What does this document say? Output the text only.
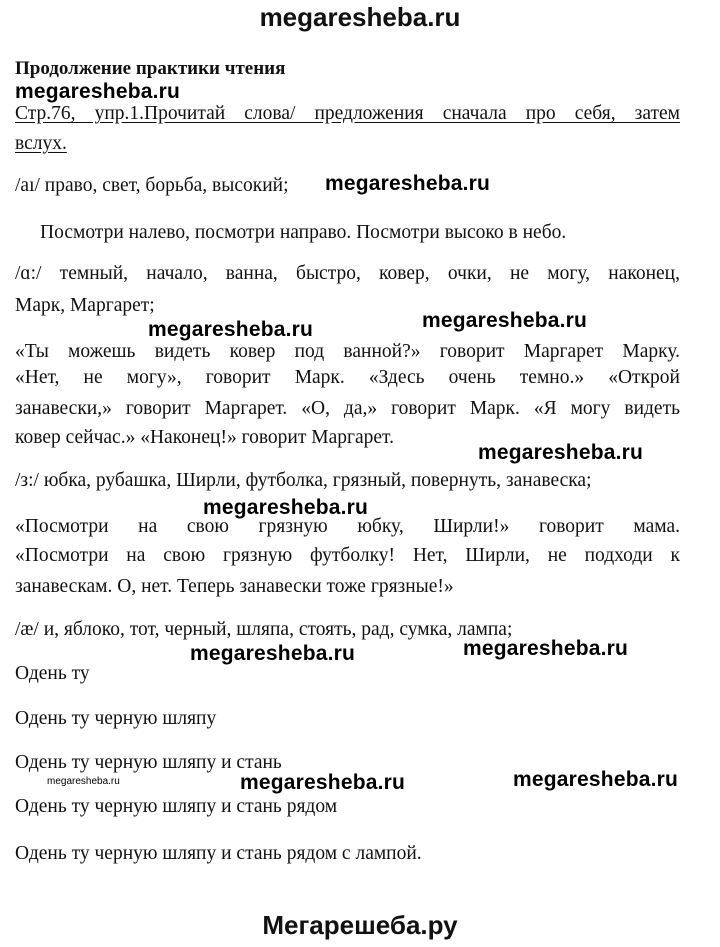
megaresheba.ru
Продолжение практики чтения
megaresheba.ru
Стр.76, упр.1.Прочитай слова/ предложения сначала про себя, затем
вслух.
/aı/ право, свет, борьба, высокий; megaresheba.ru
Посмотри налево, посмотри направо. Посмотри высоко в небо.
/ɑ:/ темный, начало, ванна, быстро, ковер, очки, не могу, наконец,
Марк, Маргарет;
megaresheba.ru	megaresheba.ru
«Ты можешь видеть ковер под ванной?» говорит Маргарет Марку.
«Нет, не могу», говорит Марк. «Здесь очень темно.» «Открой
занавески,» говорит Маргарет. «О, да,» говорит Марк. «Я могу видеть
ковер сейчас.» «Наконец!» говорит Маргарет.
megaresheba.ru
/з:/ юбка, рубашка, Ширли, футболка, грязный, повернуть, занавеска;
megaresheba.ru
«Посмотри на свою грязную юбку, Ширли!» говорит мама.
«Посмотри на свою грязную футболку! Нет, Ширли, не подходи к
занавескам. О, нет. Теперь занавески тоже грязные!»
/æ/ и, яблоко, тот, черный, шляпа, стоять, рад, сумка, лампа;
megaresheba.ru	megaresheba.ru
Одень ту
Одень ту черную шляпу
Одень ту черную шляпу и стань
megaresheba.ru	megaresheba.ru	megaresheba.ru
Одень ту черную шляпу и стань рядом
Одень ту черную шляпу и стань рядом с лампой.
Мегарешеба.ру
